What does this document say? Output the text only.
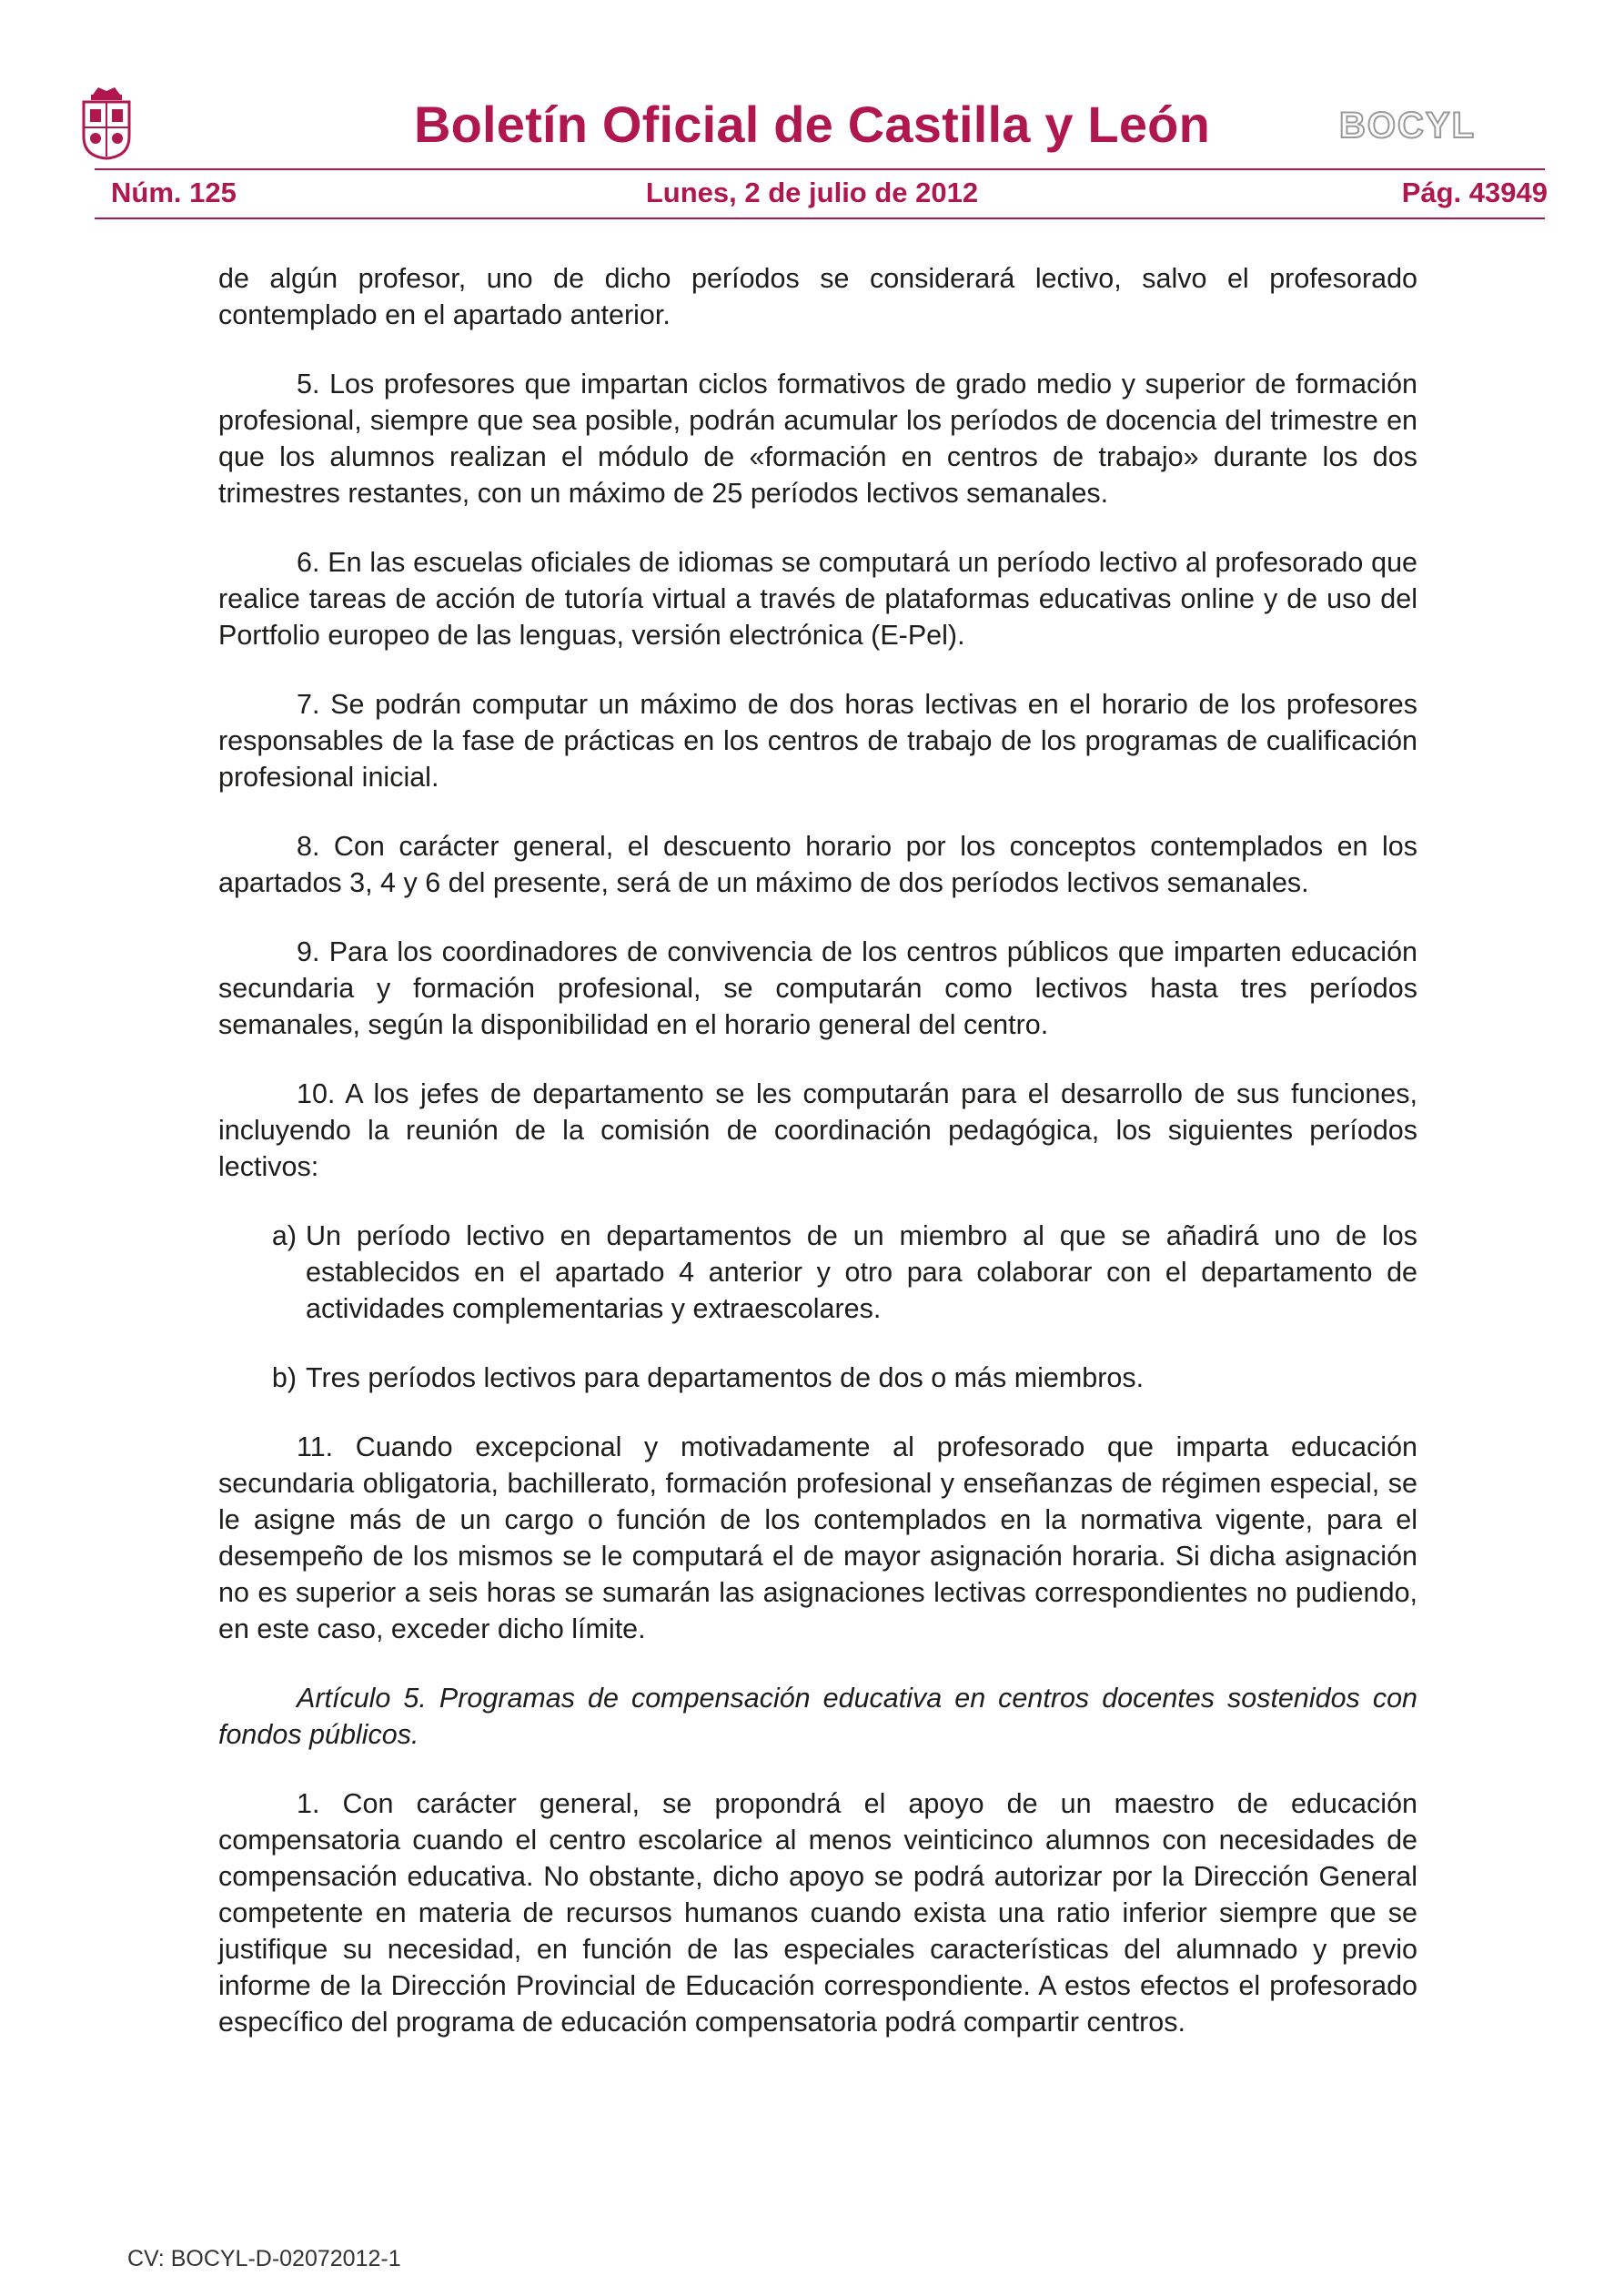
Boletín Oficial de Castilla y León	BOCYL
Núm. 125	Lunes, 2 de julio de 2012	Pág. 43949

de algún profesor, uno de dicho períodos se considerará lectivo, salvo el profesorado contemplado en el apartado anterior.

5. Los profesores que impartan ciclos formativos de grado medio y superior de formación profesional, siempre que sea posible, podrán acumular los períodos de docencia del trimestre en que los alumnos realizan el módulo de «formación en centros de trabajo» durante los dos trimestres restantes, con un máximo de 25 períodos lectivos semanales.

6. En las escuelas oficiales de idiomas se computará un período lectivo al profesorado que realice tareas de acción de tutoría virtual a través de plataformas educativas online y de uso del Portfolio europeo de las lenguas, versión electrónica (E-Pel).

7. Se podrán computar un máximo de dos horas lectivas en el horario de los profesores responsables de la fase de prácticas en los centros de trabajo de los programas de cualificación profesional inicial.

8. Con carácter general, el descuento horario por los conceptos contemplados en los apartados 3, 4 y 6 del presente, será de un máximo de dos períodos lectivos semanales.

9. Para los coordinadores de convivencia de los centros públicos que imparten educación secundaria y formación profesional, se computarán como lectivos hasta tres períodos semanales, según la disponibilidad en el horario general del centro.

10. A los jefes de departamento se les computarán para el desarrollo de sus funciones, incluyendo la reunión de la comisión de coordinación pedagógica, los siguientes períodos lectivos:

a) Un período lectivo en departamentos de un miembro al que se añadirá uno de los establecidos en el apartado 4 anterior y otro para colaborar con el departamento de actividades complementarias y extraescolares.
b) Tres períodos lectivos para departamentos de dos o más miembros.

11. Cuando excepcional y motivadamente al profesorado que imparta educación secundaria obligatoria, bachillerato, formación profesional y enseñanzas de régimen especial, se le asigne más de un cargo o función de los contemplados en la normativa vigente, para el desempeño de los mismos se le computará el de mayor asignación horaria. Si dicha asignación no es superior a seis horas se sumarán las asignaciones lectivas correspondientes no pudiendo, en este caso, exceder dicho límite.

Artículo 5. Programas de compensación educativa en centros docentes sostenidos con fondos públicos.

1. Con carácter general, se propondrá el apoyo de un maestro de educación compensatoria cuando el centro escolarice al menos veinticinco alumnos con necesidades de compensación educativa. No obstante, dicho apoyo se podrá autorizar por la Dirección General competente en materia de recursos humanos cuando exista una ratio inferior siempre que se justifique su necesidad, en función de las especiales características del alumnado y previo informe de la Dirección Provincial de Educación correspondiente. A estos efectos el profesorado específico del programa de educación compensatoria podrá compartir centros.

CV: BOCYL-D-02072012-1
